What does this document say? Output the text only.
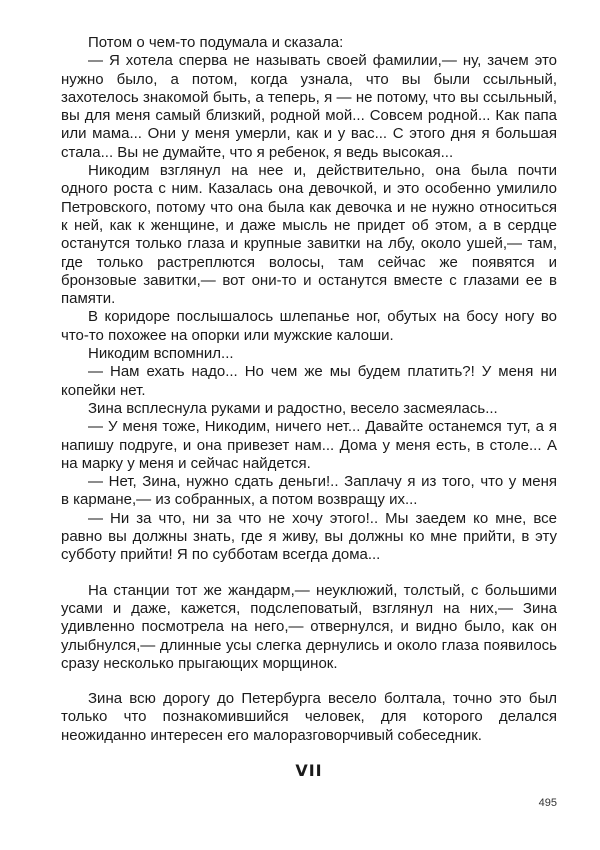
Потом о чем-то подумала и сказала:
— Я хотела сперва не называть своей фамилии,— ну, зачем это
нужно было, а потом, когда узнала, что вы были ссыльный,
захотелось знакомой быть, а теперь, я — не потому, что вы ссыльный,
вы для меня самый близкий, родной мой... Совсем родной... Как папа
или мама... Они у меня умерли, как и у вас... С этого дня я большая
стала... Вы не думайте, что я ребенок, я ведь высокая...
Никодим взглянул на нее и, действительно, она была почти
одного роста с ним. Казалась она девочкой, и это особенно умилило
Петровского, потому что она была как девочка и не нужно относиться
к ней, как к женщине, и даже мысль не придет об этом, а в сердце
останутся только глаза и крупные завитки на лбу, около ушей,— там,
где только растреплются волосы, там сейчас же появятся и
бронзовые завитки,— вот они-то и останутся вместе с глазами ее в
памяти.
В коридоре послышалось шлепанье ног, обутых на босу ногу во
что-то похожее на опорки или мужские калоши.
Никодим вспомнил...
— Нам ехать надо... Но чем же мы будем платить?! У меня ни
копейки нет.
Зина всплеснула руками и радостно, весело засмеялась...
— У меня тоже, Никодим, ничего нет... Давайте останемся тут, а я
напишу подруге, и она привезет нам... Дома у меня есть, в столе... А
на марку у меня и сейчас найдется.
— Нет, Зина, нужно сдать деньги!.. Заплачу я из того, что у меня
в кармане,— из собранных, а потом возвращу их...
— Ни за что, ни за что не хочу этого!.. Мы заедем ко мне, все
равно вы должны знать, где я живу, вы должны ко мне прийти, в эту
субботу прийти! Я по субботам всегда дома...
На станции тот же жандарм,— неуклюжий, толстый, с большими
усами и даже, кажется, подслеповатый, взглянул на них,— Зина
удивленно посмотрела на него,— отвернулся, и видно было, как он
улыбнулся,— длинные усы слегка дернулись и около глаза появилось
сразу несколько прыгающих морщинок.
Зина всю дорогу до Петербурга весело болтала, точно это был
только что познакомившийся человек, для которого делался
неожиданно интересен его малоразговорчивый собеседник.
VII
495
